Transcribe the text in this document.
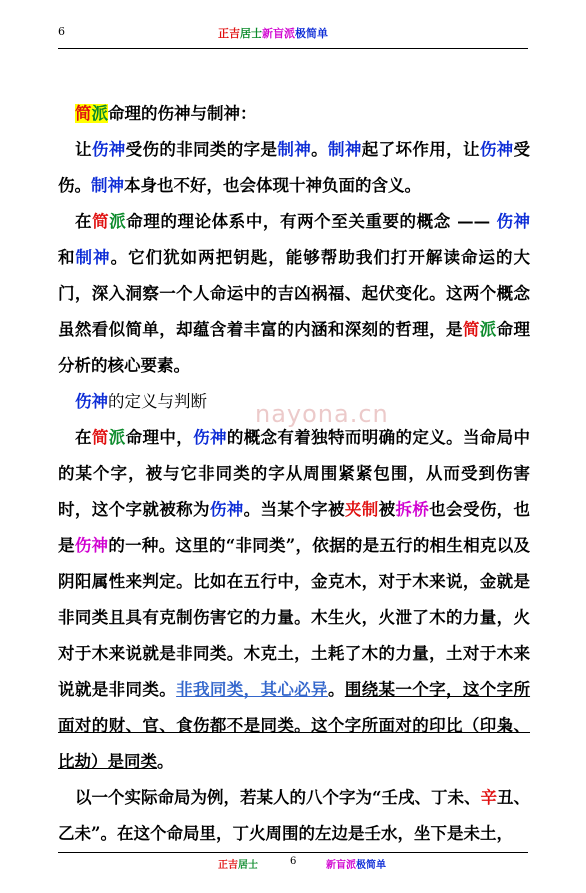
6	正吉居士新盲派极简单

简派命理的伤神与制神：

让伤神受伤的非同类的字是制神。制神起了坏作用，让伤神受伤。制神本身也不好，也会体现十神负面的含义。

在简派命理的理论体系中，有两个至关重要的概念 —— 伤神和制神。它们犹如两把钥匙，能够帮助我们打开解读命运的大门，深入洞察一个人命运中的吉凶祸福、起伏变化。这两个概念虽然看似简单，却蕴含着丰富的内涵和深刻的哲理，是简派命理分析的核心要素。

伤神的定义与判断

在简派命理中，伤神的概念有着独特而明确的定义。当命局中的某个字，被与它非同类的字从周围紧紧包围，从而受到伤害时，这个字就被称为伤神。当某个字被夹制被拆桥也会受伤，也是伤神的一种。这里的“非同类”，依据的是五行的相生相克以及阴阳属性来判定。比如在五行中，金克木，对于木来说，金就是非同类且具有克制伤害它的力量。木生火，火泄了木的力量，火对于木来说就是非同类。木克土，土耗了木的力量，土对于木来说就是非同类。非我同类，其心必异。围绕某一个字，这个字所面对的财、官、食伤都不是同类。这个字所面对的印比（印枭、比劫）是同类。

以一个实际命局为例，若某人的八个字为“壬戌、丁未、辛丑、乙未”。在这个命局里，丁火周围的左边是壬水，坐下是未土，

nayona.cn
正吉居士	6	新盲派极简单
